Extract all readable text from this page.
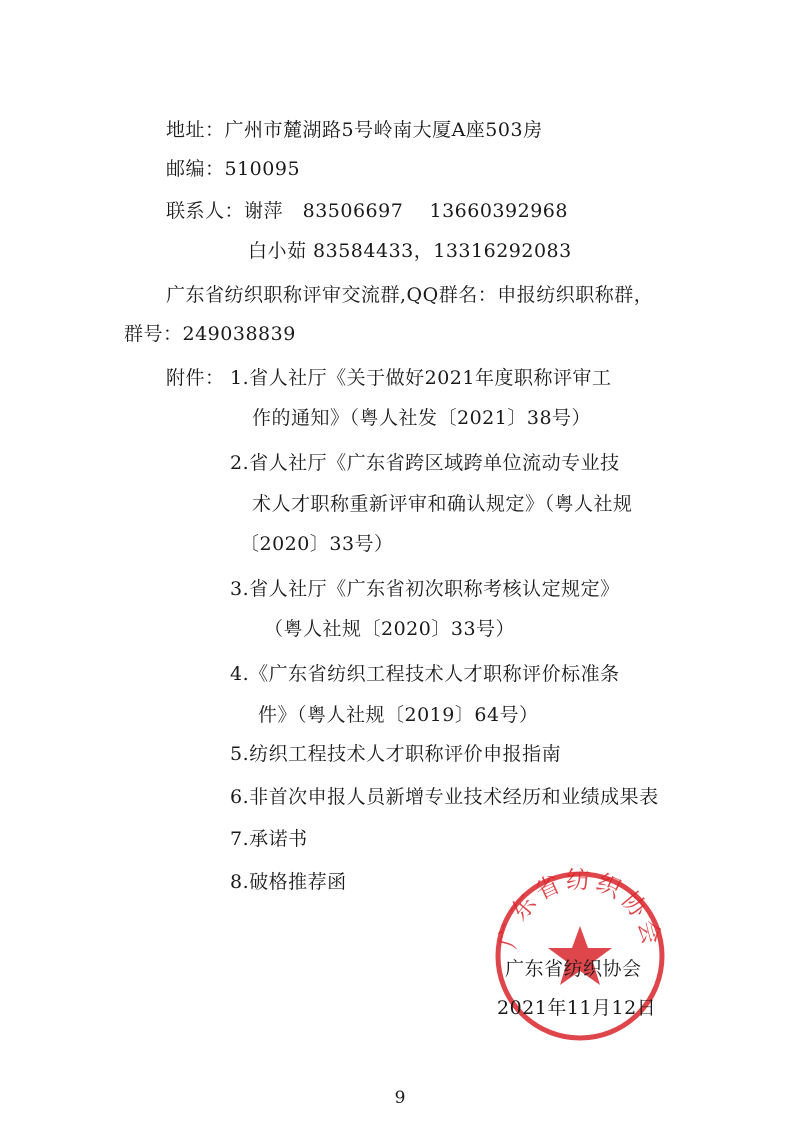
地址：广州市麓湖路5号岭南大厦A座503房
邮编：510095
联系人：谢萍   83506697    13660392968
白小茹 83584433，13316292083
广东省纺织职称评审交流群,QQ群名：申报纺织职称群，
群号：249038839
附件： 1.省人社厅《关于做好2021年度职称评审工
作的通知》（粤人社发〔2021〕38号）
2.省人社厅《广东省跨区域跨单位流动专业技
术人才职称重新评审和确认规定》（粤人社规
〔2020〕33号）
3.省人社厅《广东省初次职称考核认定规定》
（粤人社规〔2020〕33号）
4.《广东省纺织工程技术人才职称评价标准条
件》（粤人社规〔2019〕64号）
5.纺织工程技术人才职称评价申报指南
6.非首次申报人员新增专业技术经历和业绩成果表
7.承诺书
8.破格推荐函
广东省纺织协会
广东省纺织协会
2021年11月12日
9
